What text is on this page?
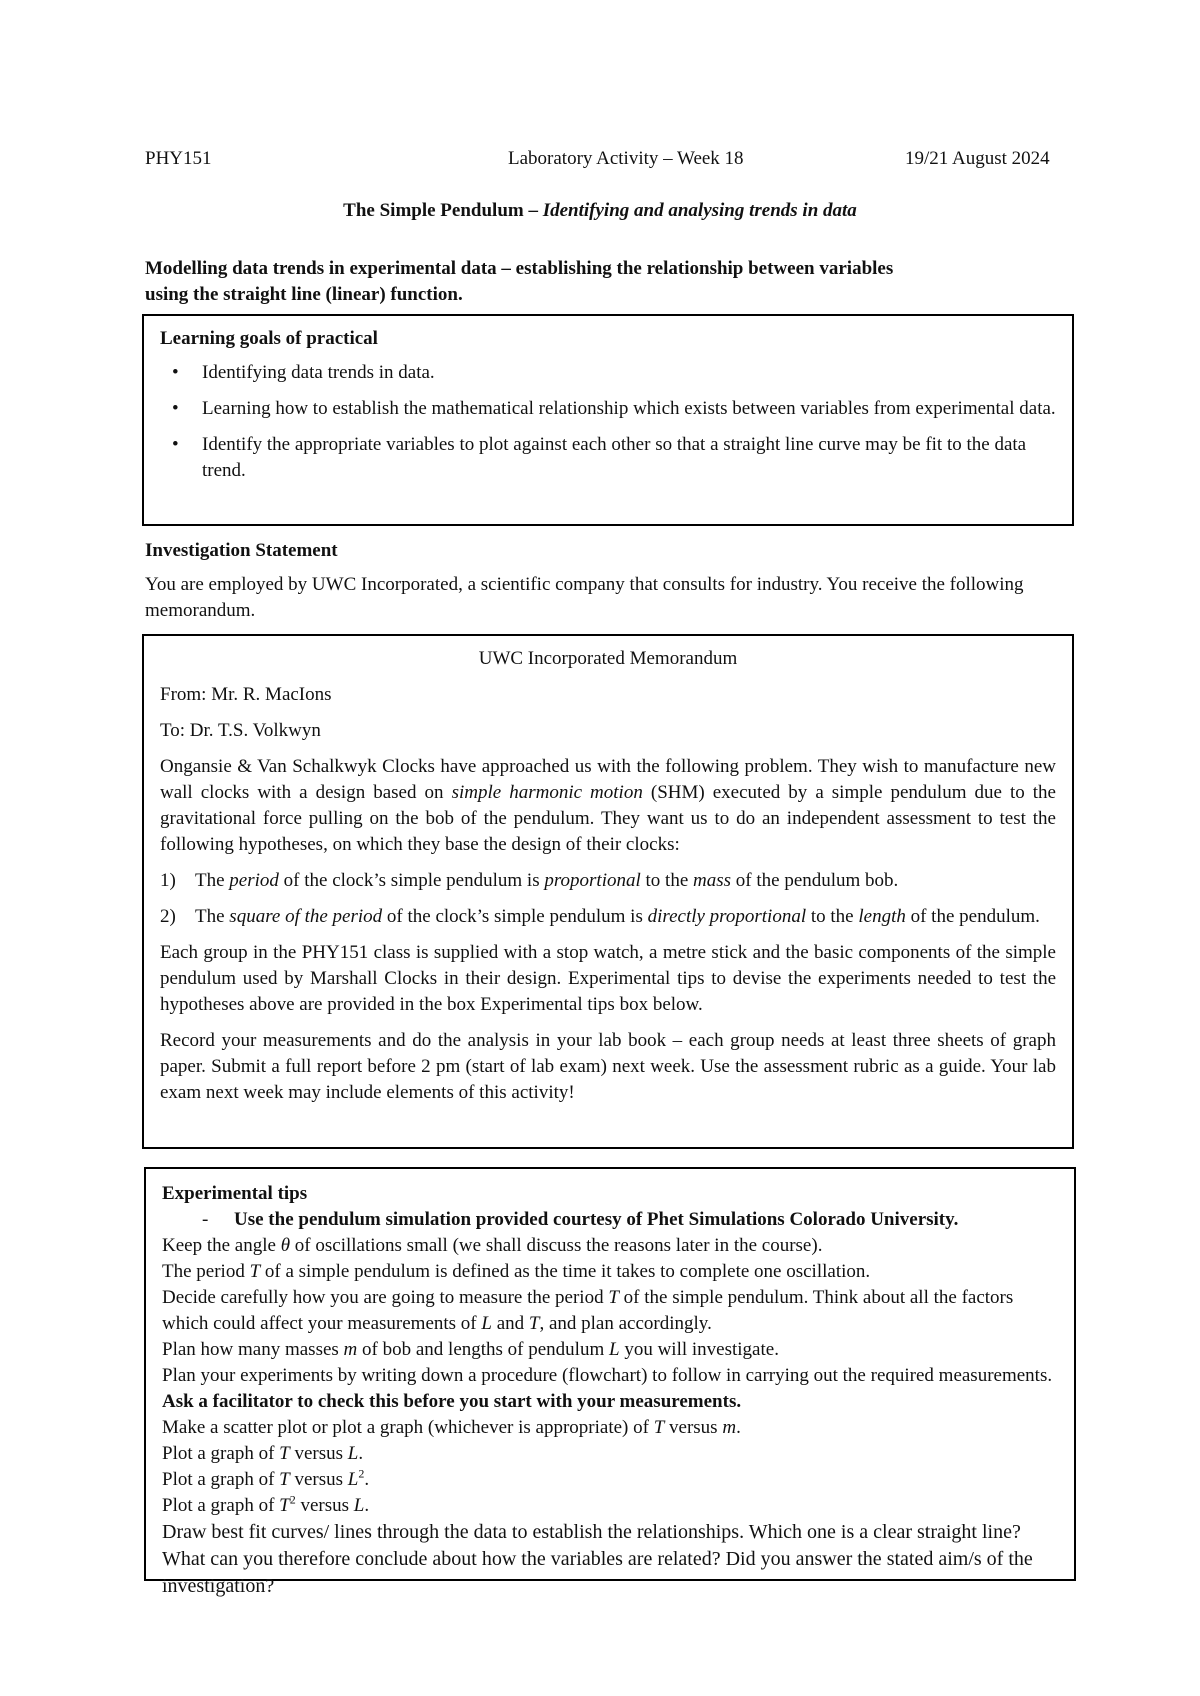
PHY151	Laboratory Activity – Week 18	19/21 August 2024
The Simple Pendulum – Identifying and analysing trends in data
Modelling data trends in experimental data – establishing the relationship between variables
using the straight line (linear) function.
Learning goals of practical
• Identifying data trends in data.
• Learning how to establish the mathematical relationship which exists between variables from experimental data.
• Identify the appropriate variables to plot against each other so that a straight line curve may be fit to the data trend.
Investigation Statement
You are employed by UWC Incorporated, a scientific company that consults for industry. You receive the following memorandum.
UWC Incorporated Memorandum

From: Mr. R. MacIons

To: Dr. T.S. Volkwyn

Ongansie & Van Schalkwyk Clocks have approached us with the following problem. They wish to manufacture new wall clocks with a design based on simple harmonic motion (SHM) executed by a simple pendulum due to the gravitational force pulling on the bob of the pendulum. They want us to do an independent assessment to test the following hypotheses, on which they base the design of their clocks:

1) The period of the clock’s simple pendulum is proportional to the mass of the pendulum bob.
2) The square of the period of the clock’s simple pendulum is directly proportional to the length of the pendulum.

Each group in the PHY151 class is supplied with a stop watch, a metre stick and the basic components of the simple pendulum used by Marshall Clocks in their design. Experimental tips to devise the experiments needed to test the hypotheses above are provided in the box Experimental tips box below.

Record your measurements and do the analysis in your lab book – each group needs at least three sheets of graph paper. Submit a full report before 2 pm (start of lab exam) next week. Use the assessment rubric as a guide. Your lab exam next week may include elements of this activity!

Experimental tips
- Use the pendulum simulation provided courtesy of Phet Simulations Colorado University.

Keep the angle θ of oscillations small (we shall discuss the reasons later in the course).

The period T of a simple pendulum is defined as the time it takes to complete one oscillation.

Decide carefully how you are going to measure the period T of the simple pendulum. Think about all the factors which could affect your measurements of L and T, and plan accordingly.

Plan how many masses m of bob and lengths of pendulum L you will investigate.

Plan your experiments by writing down a procedure (flowchart) to follow in carrying out the required measurements. Ask a facilitator to check this before you start with your measurements.

Make a scatter plot or plot a graph (whichever is appropriate) of T versus m.

Plot a graph of T versus L.

Plot a graph of T versus $L^2$.

Plot a graph of $T^2$ versus L.

Draw best fit curves/ lines through the data to establish the relationships. Which one is a clear straight line? What can you therefore conclude about how the variables are related? Did you answer the stated aim/s of the investigation?
